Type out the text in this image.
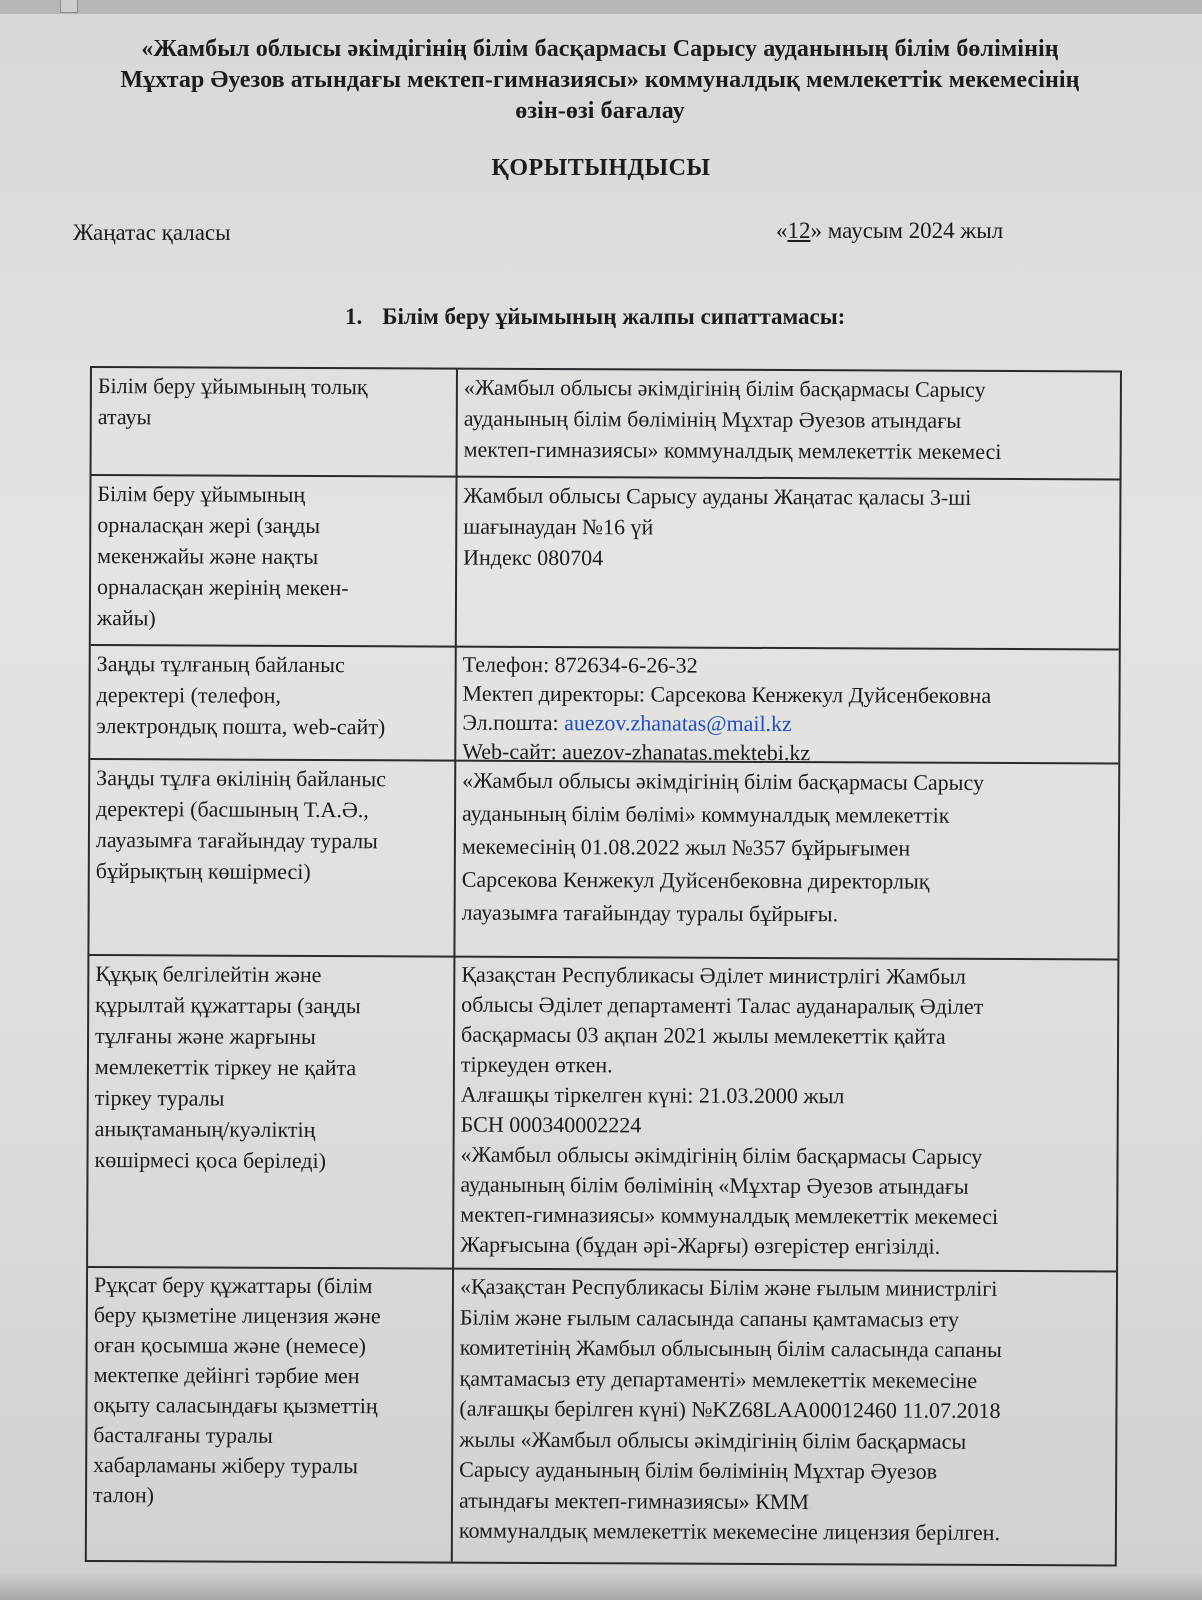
«Жамбыл облысы әкімдігінің білім басқармасы Сарысу ауданының білім бөлімінің
Мұхтар Әуезов атындағы мектеп-гимназиясы» коммуналдық мемлекеттік мекемесінің
өзін-өзі бағалау
ҚОРЫТЫНДЫСЫ
Жаңатас қаласы	«12» маусым 2024 жыл
1. Білім беру ұйымының жалпы сипаттамасы:
Білім беру ұйымының толық
атауы
«Жамбыл облысы әкімдігінің білім басқармасы Сарысу
ауданының білім бөлімінің Мұхтар Әуезов атындағы
мектеп-гимназиясы» коммуналдық мемлекеттік мекемесі
Білім беру ұйымының
орналасқан жері (заңды
мекенжайы және нақты
орналасқан жерінің мекен-
жайы)
Жамбыл облысы Сарысу ауданы Жаңатас қаласы 3-ші
шағынаудан №16 үй
Индекс 080704
Заңды тұлғаның байланыс
деректері (телефон,
электрондық пошта, web-сайт)
Телефон: 872634-6-26-32
Мектеп директоры: Сарсекова Кенжекул Дуйсенбековна
Эл.пошта: auezov.zhanatas@mail.kz
Web-сайт: auezov-zhanatas.mektebi.kz
Заңды тұлға өкілінің байланыс
деректері (басшының Т.А.Ә.,
лауазымға тағайындау туралы
бұйрықтың көшірмесі)
«Жамбыл облысы әкімдігінің білім басқармасы Сарысу
ауданының білім бөлімі» коммуналдық мемлекеттік
мекемесінің 01.08.2022 жыл №357 бұйрығымен
Сарсекова Кенжекул Дуйсенбековна директорлық
лауазымға тағайындау туралы бұйрығы.
Құқық белгілейтін және
құрылтай құжаттары (заңды
тұлғаны және жарғыны
мемлекеттік тіркеу не қайта
тіркеу туралы
анықтаманың/куәліктің
көшірмесі қоса беріледі)
Қазақстан Республикасы Әділет министрлігі Жамбыл
облысы Әділет департаменті Талас ауданаралық Әділет
басқармасы 03 ақпан 2021 жылы мемлекеттік қайта
тіркеуден өткен.
Алғашқы тіркелген күні: 21.03.2000 жыл
БСН 000340002224
«Жамбыл облысы әкімдігінің білім басқармасы Сарысу
ауданының білім бөлімінің «Мұхтар Әуезов атындағы
мектеп-гимназиясы» коммуналдық мемлекеттік мекемесі
Жарғысына (бұдан әрі-Жарғы) өзгерістер енгізілді.
Рұқсат беру құжаттары (білім
беру қызметіне лицензия және
оған қосымша және (немесе)
мектепке дейінгі тәрбие мен
оқыту саласындағы қызметтің
басталғаны туралы
хабарламаны жіберу туралы
талон)
«Қазақстан Республикасы Білім және ғылым министрлігі
Білім және ғылым саласында сапаны қамтамасыз ету
комитетінің Жамбыл облысының білім саласында сапаны
қамтамасыз ету департаменті» мемлекеттік мекемесіне
(алғашқы берілген күні) №KZ68LAA00012460 11.07.2018
жылы «Жамбыл облысы әкімдігінің білім басқармасы
Сарысу ауданының білім бөлімінің Мұхтар Әуезов
атындағы мектеп-гимназиясы» КММ
коммуналдық мемлекеттік мекемесіне лицензия берілген.
